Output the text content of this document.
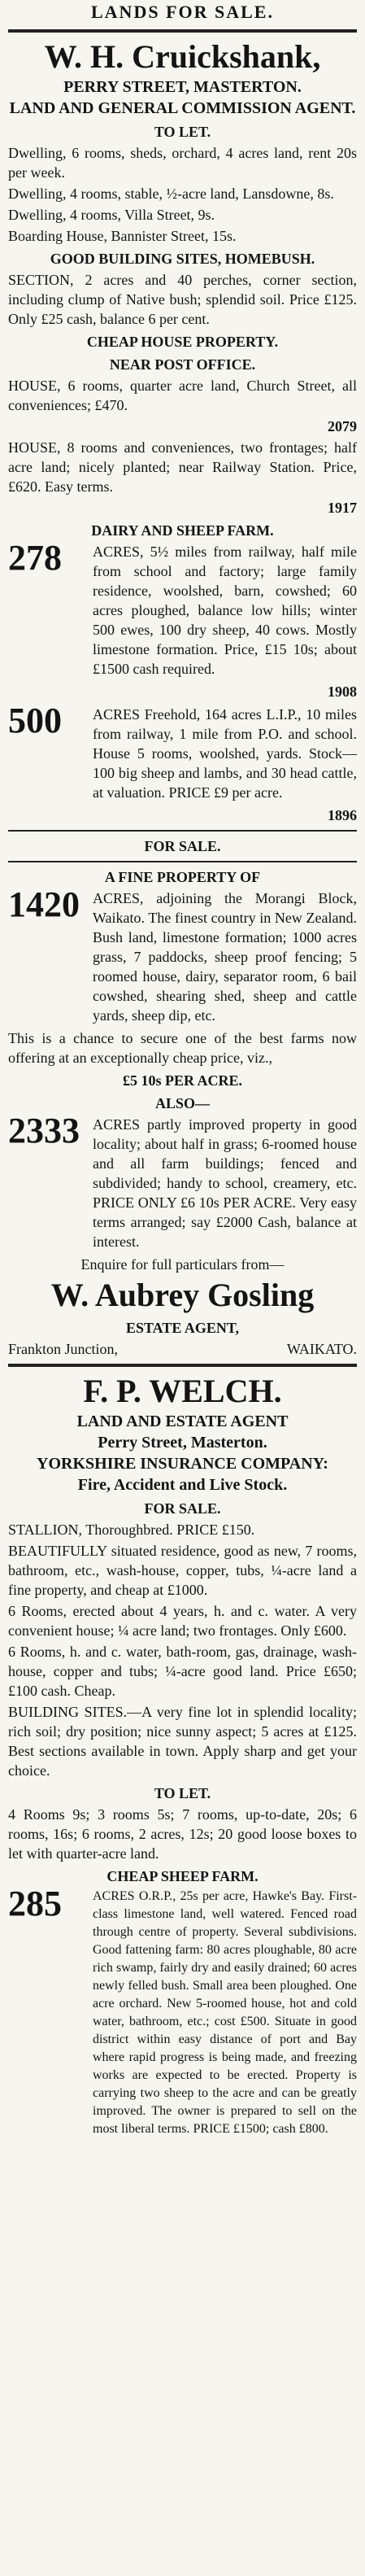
LANDS FOR SALE.
W. H. Cruickshank,
PERRY STREET, MASTERTON.
LAND AND GENERAL COMMISSION AGENT.
TO LET.
Dwelling, 6 rooms, sheds, orchard, 4 acres land, rent 20s per week.
Dwelling, 4 rooms, stable, ½-acre land, Lansdowne, 8s.
Dwelling, 4 rooms, Villa Street, 9s.
Boarding House, Bannister Street, 15s.
GOOD BUILDING SITES, HOMEBUSH.
SECTION, 2 acres and 40 perches, corner section, including clump of Native bush; splendid soil. Price £125. Only £25 cash, balance 6 per cent.
CHEAP HOUSE PROPERTY.
NEAR POST OFFICE.
HOUSE, 6 rooms, quarter acre land, Church Street, all conveniences; £470.
2079
HOUSE, 8 rooms and conveniences, two frontages; half acre land; nicely planted; near Railway Station. Price, £620. Easy terms.
1917
DAIRY AND SHEEP FARM.
278	ACRES, 5½ miles from railway, half mile from school and factory; large family residence, woolshed, barn, cowshed; 60 acres ploughed, balance low hills; winter 500 ewes, 100 dry sheep, 40 cows. Mostly limestone formation. Price, £15 10s; about £1500 cash required.
1908
500	ACRES Freehold, 164 acres L.I.P., 10 miles from railway, 1 mile from P.O. and school. House 5 rooms, woolshed, yards. Stock—100 big sheep and lambs, and 30 head cattle, at valuation. PRICE £9 per acre.
1896
FOR SALE.
A FINE PROPERTY OF
1420 ACRES, adjoining the Morangi Block, Waikato. The finest country in New Zealand. Bush land, limestone formation; 1000 acres grass, 7 paddocks, sheep proof fencing; 5 roomed house, dairy, separator room, 6 bail cowshed, shearing shed, sheep and cattle yards, sheep dip, etc.
This is a chance to secure one of the best farms now offering at an exceptionally cheap price, viz.,
£5 10s PER ACRE.
ALSO—
2333 ACRES partly improved property in good locality; about half in grass; 6-roomed house and all farm buildings; fenced and subdivided; handy to school, creamery, etc. PRICE ONLY £6 10s PER ACRE. Very easy terms arranged; say £2000 Cash, balance at interest.
Enquire for full particulars from—
W. Aubrey Gosling
ESTATE AGENT,
Frankton Junction,	WAIKATO.
F. P. WELCH.
LAND AND ESTATE AGENT
Perry Street, Masterton.
YORKSHIRE INSURANCE COMPANY:
Fire, Accident and Live Stock.
FOR SALE.
STALLION, Thoroughbred. PRICE £150.
BEAUTIFULLY situated residence, good as new, 7 rooms, bathroom, etc., wash-house, copper, tubs, ¼-acre land a fine property, and cheap at £1000.
6 Rooms, erected about 4 years, h. and c. water. A very convenient house; ¼ acre land; two frontages. Only £600.
6 Rooms, h. and c. water, bath-room, gas, drainage, wash-house, copper and tubs; ¼-acre good land. Price £650; £100 cash. Cheap.
BUILDING SITES.—A very fine lot in splendid locality; rich soil; dry position; nice sunny aspect; 5 acres at £125. Best sections available in town. Apply sharp and get your choice.
TO LET.
4 Rooms 9s; 3 rooms 5s; 7 rooms, up-to-date, 20s; 6 rooms, 16s; 6 rooms, 2 acres, 12s; 20 good loose boxes to let with quarter-acre land.
CHEAP SHEEP FARM.
285	ACRES O.R.P., 25s per acre, Hawke's Bay. First-class limestone land, well watered. Fenced road through centre of property. Several subdivisions. Good fattening farm: 80 acres ploughable, 80 acre rich swamp, fairly dry and easily drained; 60 acres newly felled bush. Small area been ploughed. One acre orchard. New 5-roomed house, hot and cold water, bathroom, etc.; cost £500. Situate in good district within easy distance of port and Bay where rapid progress is being made, and freezing works are expected to be erected. Property is carrying two sheep to the acre and can be greatly improved. The owner is prepared to sell on the most liberal terms. PRICE £1500; cash £800.
